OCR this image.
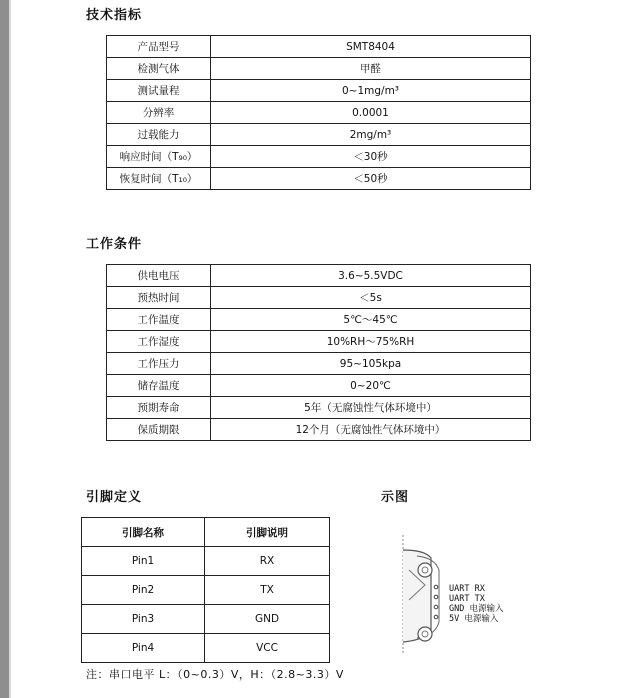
技术指标
产品型号	SMT8404
检测气体	甲醛
测试量程	0~1mg/m³
分辨率	0.0001
过载能力	2mg/m³
响应时间（T₉₀）	＜30秒
恢复时间（T₁₀）	＜50秒
工作条件
供电电压	3.6~5.5VDC
预热时间	＜5s
工作温度	5℃～45℃
工作湿度	10%RH～75%RH
工作压力	95~105kpa
储存温度	0~20℃
预期寿命	5年（无腐蚀性气体环境中）
保质期限	12个月（无腐蚀性气体环境中）
引脚定义
引脚名称	引脚说明
Pin1	RX
Pin2	TX
Pin3	GND
Pin4	VCC
注：串口电平 L：（0~0.3）V，H：（2.8~3.3）V
示图
UART RX
UART TX
GND 电源输入
5V 电源输入
